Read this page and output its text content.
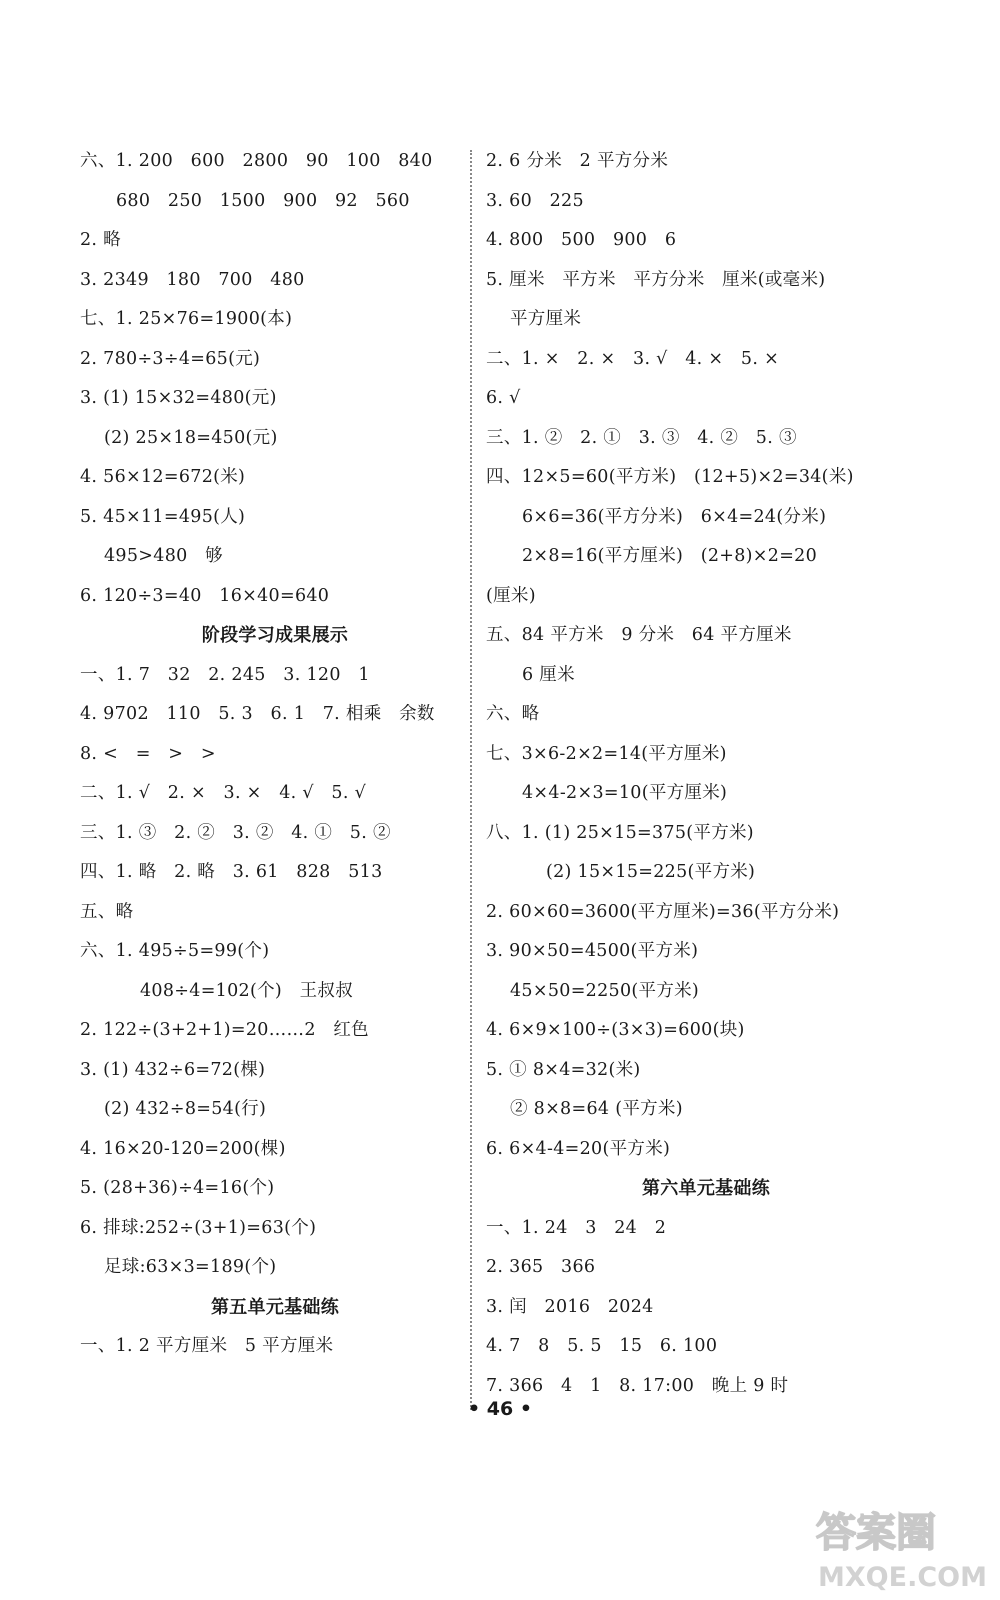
六、1. 200   600   2800   90   100   840
680   250   1500   900   92   560
2. 略
3. 2349   180   700   480
七、1. 25×76=1900(本)
2. 780÷3÷4=65(元)
3. (1) 15×32=480(元)
(2) 25×18=450(元)
4. 56×12=672(米)
5. 45×11=495(人)
495>480   够
6. 120÷3=40   16×40=640
阶段学习成果展示
一、1. 7   32   2. 245   3. 120   1
4. 9702   110   5. 3   6. 1   7. 相乘   余数
8. <   =   >   >
二、1. √   2. ×   3. ×   4. √   5. √
三、1. ③   2. ②   3. ②   4. ①   5. ②
四、1. 略   2. 略   3. 61   828   513
五、略
六、1. 495÷5=99(个)
408÷4=102(个)   王叔叔
2. 122÷(3+2+1)=20……2   红色
3. (1) 432÷6=72(棵)
(2) 432÷8=54(行)
4. 16×20-120=200(棵)
5. (28+36)÷4=16(个)
6. 排球:252÷(3+1)=63(个)
足球:63×3=189(个)
第五单元基础练
一、1. 2 平方厘米   5 平方厘米
2. 6 分米   2 平方分米
3. 60   225
4. 800   500   900   6
5. 厘米   平方米   平方分米   厘米(或毫米)
平方厘米
二、1. ×   2. ×   3. √   4. ×   5. ×
6. √
三、1. ②   2. ①   3. ③   4. ②   5. ③
四、12×5=60(平方米)   (12+5)×2=34(米)
6×6=36(平方分米)   6×4=24(分米)
2×8=16(平方厘米)   (2+8)×2=20
(厘米)
五、84 平方米   9 分米   64 平方厘米
6 厘米
六、略
七、3×6-2×2=14(平方厘米)
4×4-2×3=10(平方厘米)
八、1. (1) 25×15=375(平方米)
(2) 15×15=225(平方米)
2. 60×60=3600(平方厘米)=36(平方分米)
3. 90×50=4500(平方米)
45×50=2250(平方米)
4. 6×9×100÷(3×3)=600(块)
5. ① 8×4=32(米)
② 8×8=64 (平方米)
6. 6×4-4=20(平方米)
第六单元基础练
一、1. 24   3   24   2
2. 365   366
3. 闰   2016   2024
4. 7   8   5. 5   15   6. 100
7. 366   4   1   8. 17:00   晚上 9 时
• 46 •
答案圈
MXQE.COM
